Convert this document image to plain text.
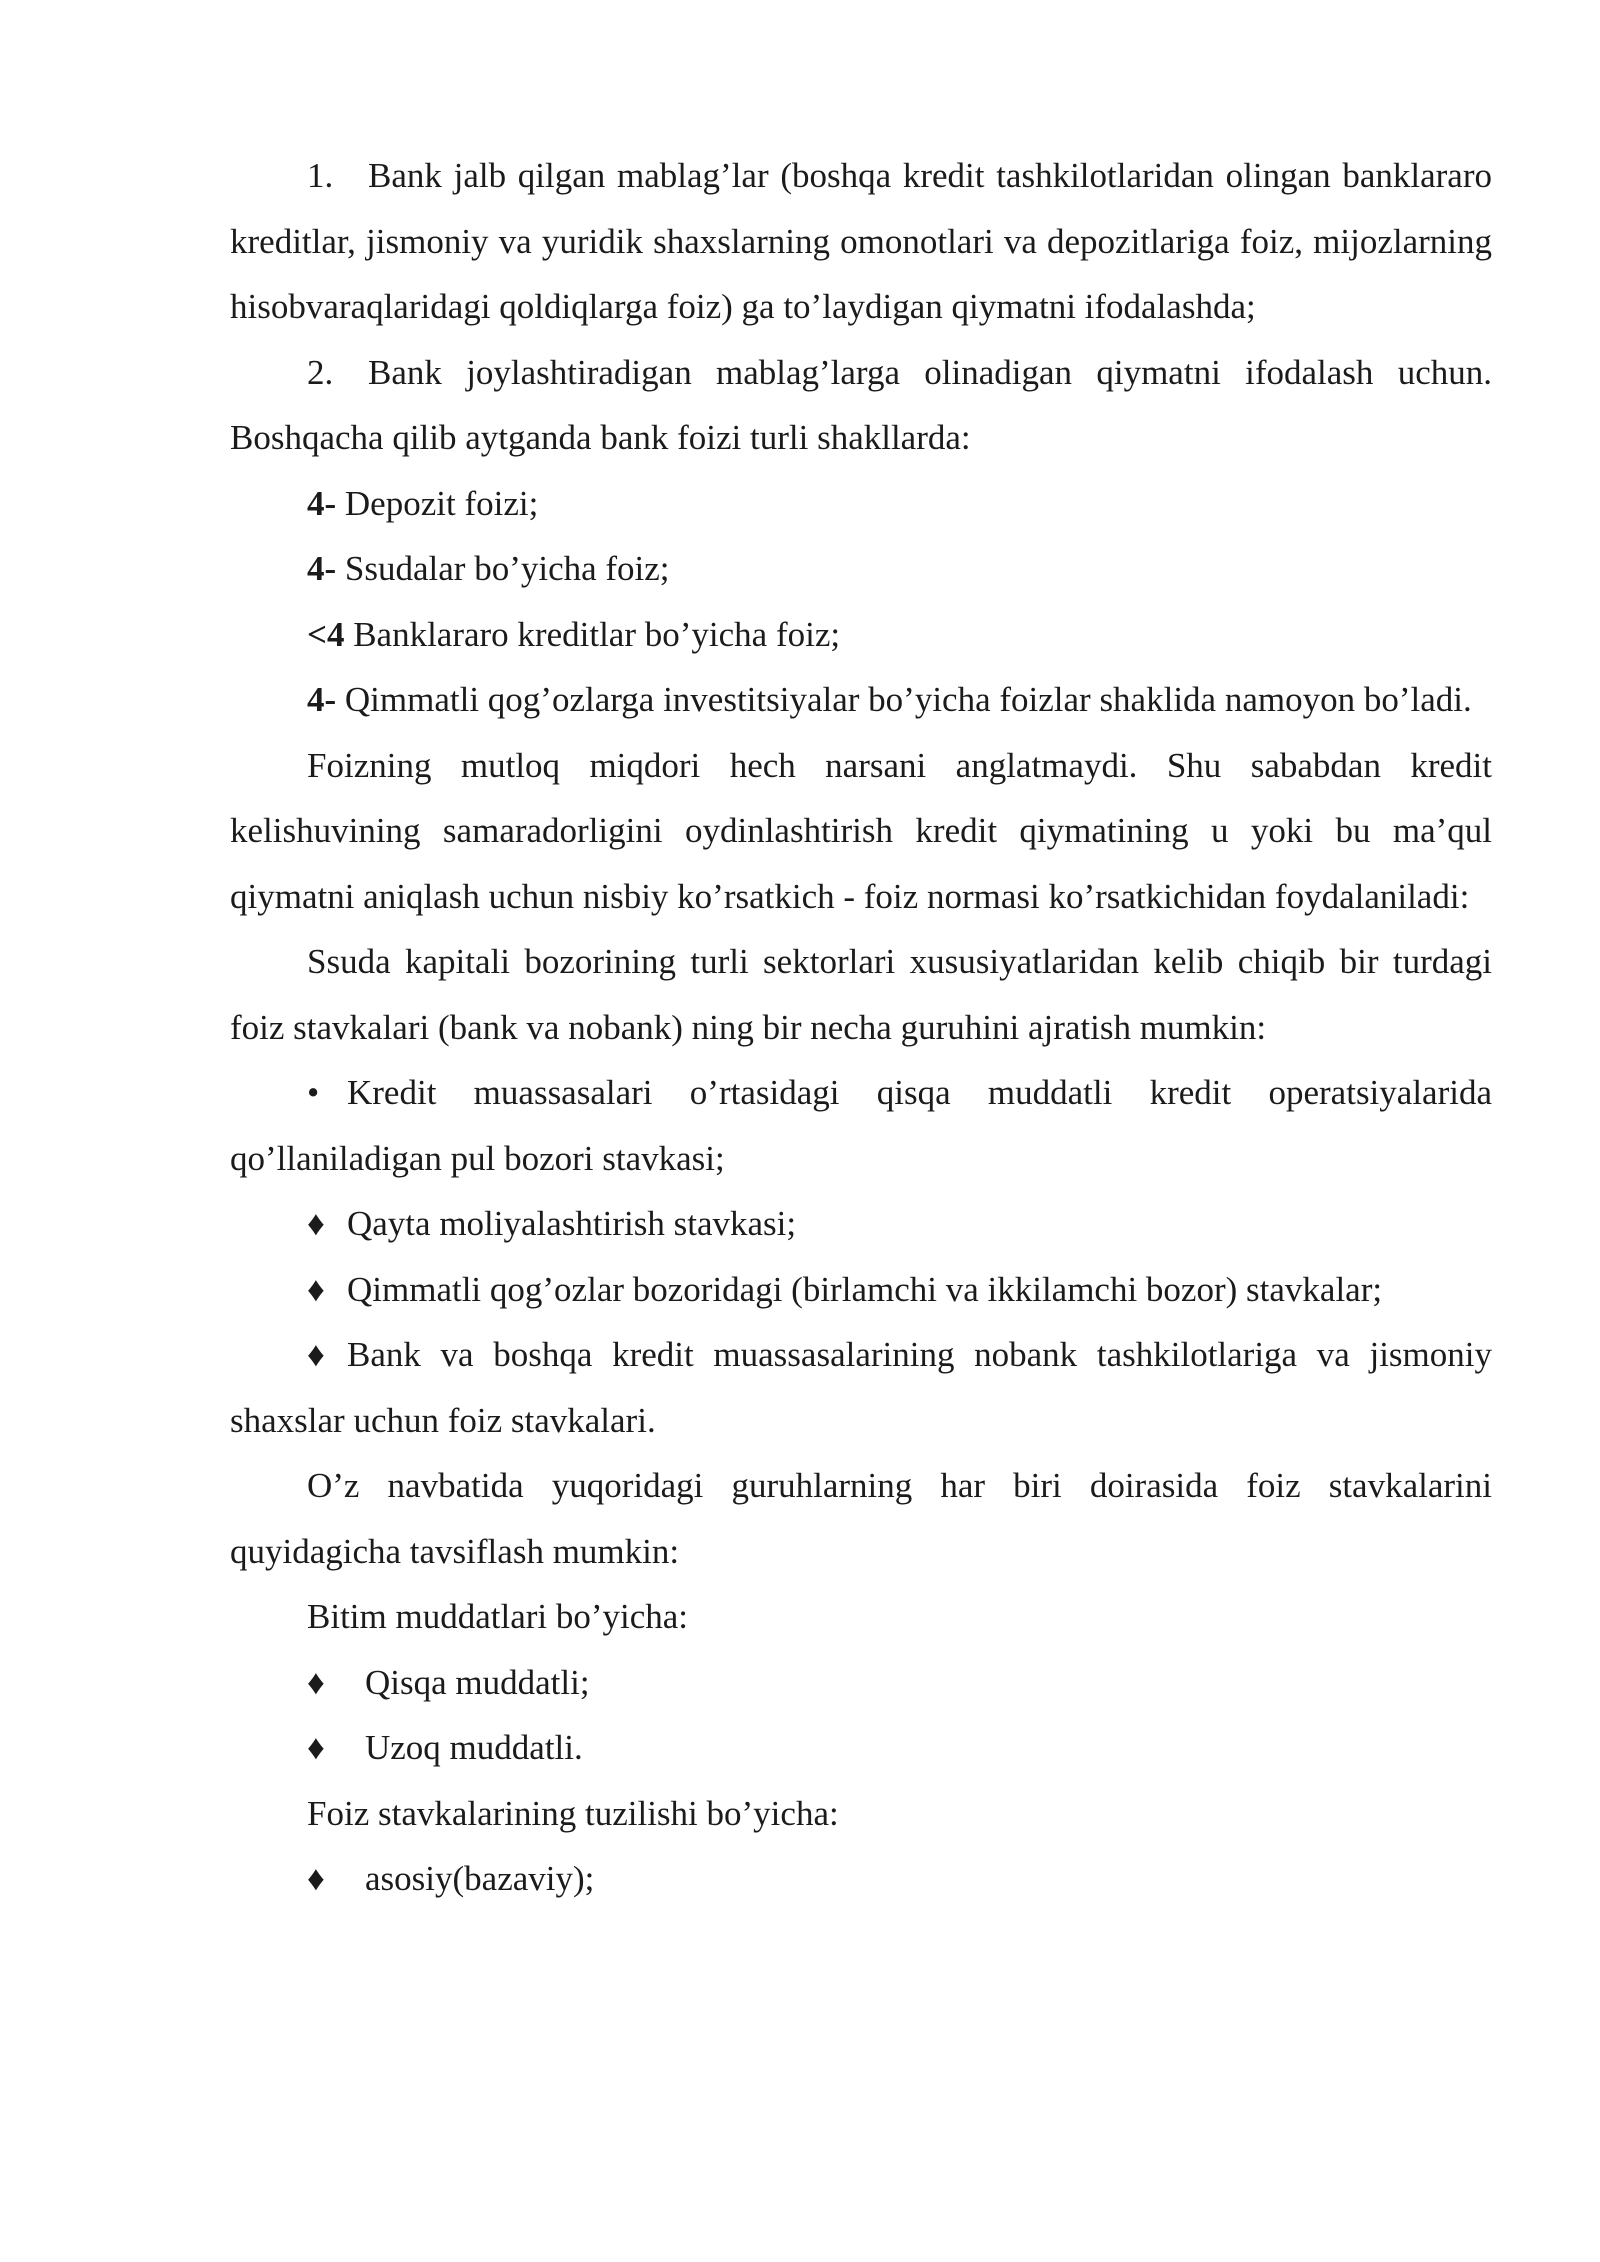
1. Bank jalb qilgan mablag’lar (boshqa kredit tashkilotlaridan olingan banklararo kreditlar, jismoniy va yuridik shaxslarning omonotlari va depozitlariga foiz, mijozlarning hisobvaraqlaridagi qoldiqlarga foiz) ga to’laydigan qiymatni ifodalashda;

2. Bank joylashtiradigan mablag’larga olinadigan qiymatni ifodalash uchun. Boshqacha qilib aytganda bank foizi turli shakllarda:

4- Depozit foizi;

4- Ssudalar bo’yicha foiz;

<4 Banklararo kreditlar bo’yicha foiz;

4- Qimmatli qog’ozlarga investitsiyalar bo’yicha foizlar shaklida namoyon bo’ladi.

Foizning mutloq miqdori hech narsani anglatmaydi. Shu sababdan kredit kelishuvining samaradorligini oydinlashtirish kredit qiymatining u yoki bu ma’qul qiymatni aniqlash uchun nisbiy ko’rsatkich - foiz normasi ko’rsatkichidan foydalaniladi:

Ssuda kapitali bozorining turli sektorlari xususiyatlaridan kelib chiqib bir turdagi foiz stavkalari (bank va nobank) ning bir necha guruhini ajratish mumkin:

• Kredit muassasalari o’rtasidagi qisqa muddatli kredit operatsiyalarida qo’llaniladigan pul bozori stavkasi;

♦ Qayta moliyalashtirish stavkasi;

♦ Qimmatli qog’ozlar bozoridagi (birlamchi va ikkilamchi bozor) stavkalar;

♦ Bank va boshqa kredit muassasalarining nobank tashkilotlariga va jismoniy shaxslar uchun foiz stavkalari.

O’z navbatida yuqoridagi guruhlarning har biri doirasida foiz stavkalarini quyidagicha tavsiflash mumkin:

Bitim muddatlari bo’yicha:

♦ Qisqa muddatli;

♦ Uzoq muddatli.

Foiz stavkalarining tuzilishi bo’yicha:

♦ asosiy(bazaviy);
